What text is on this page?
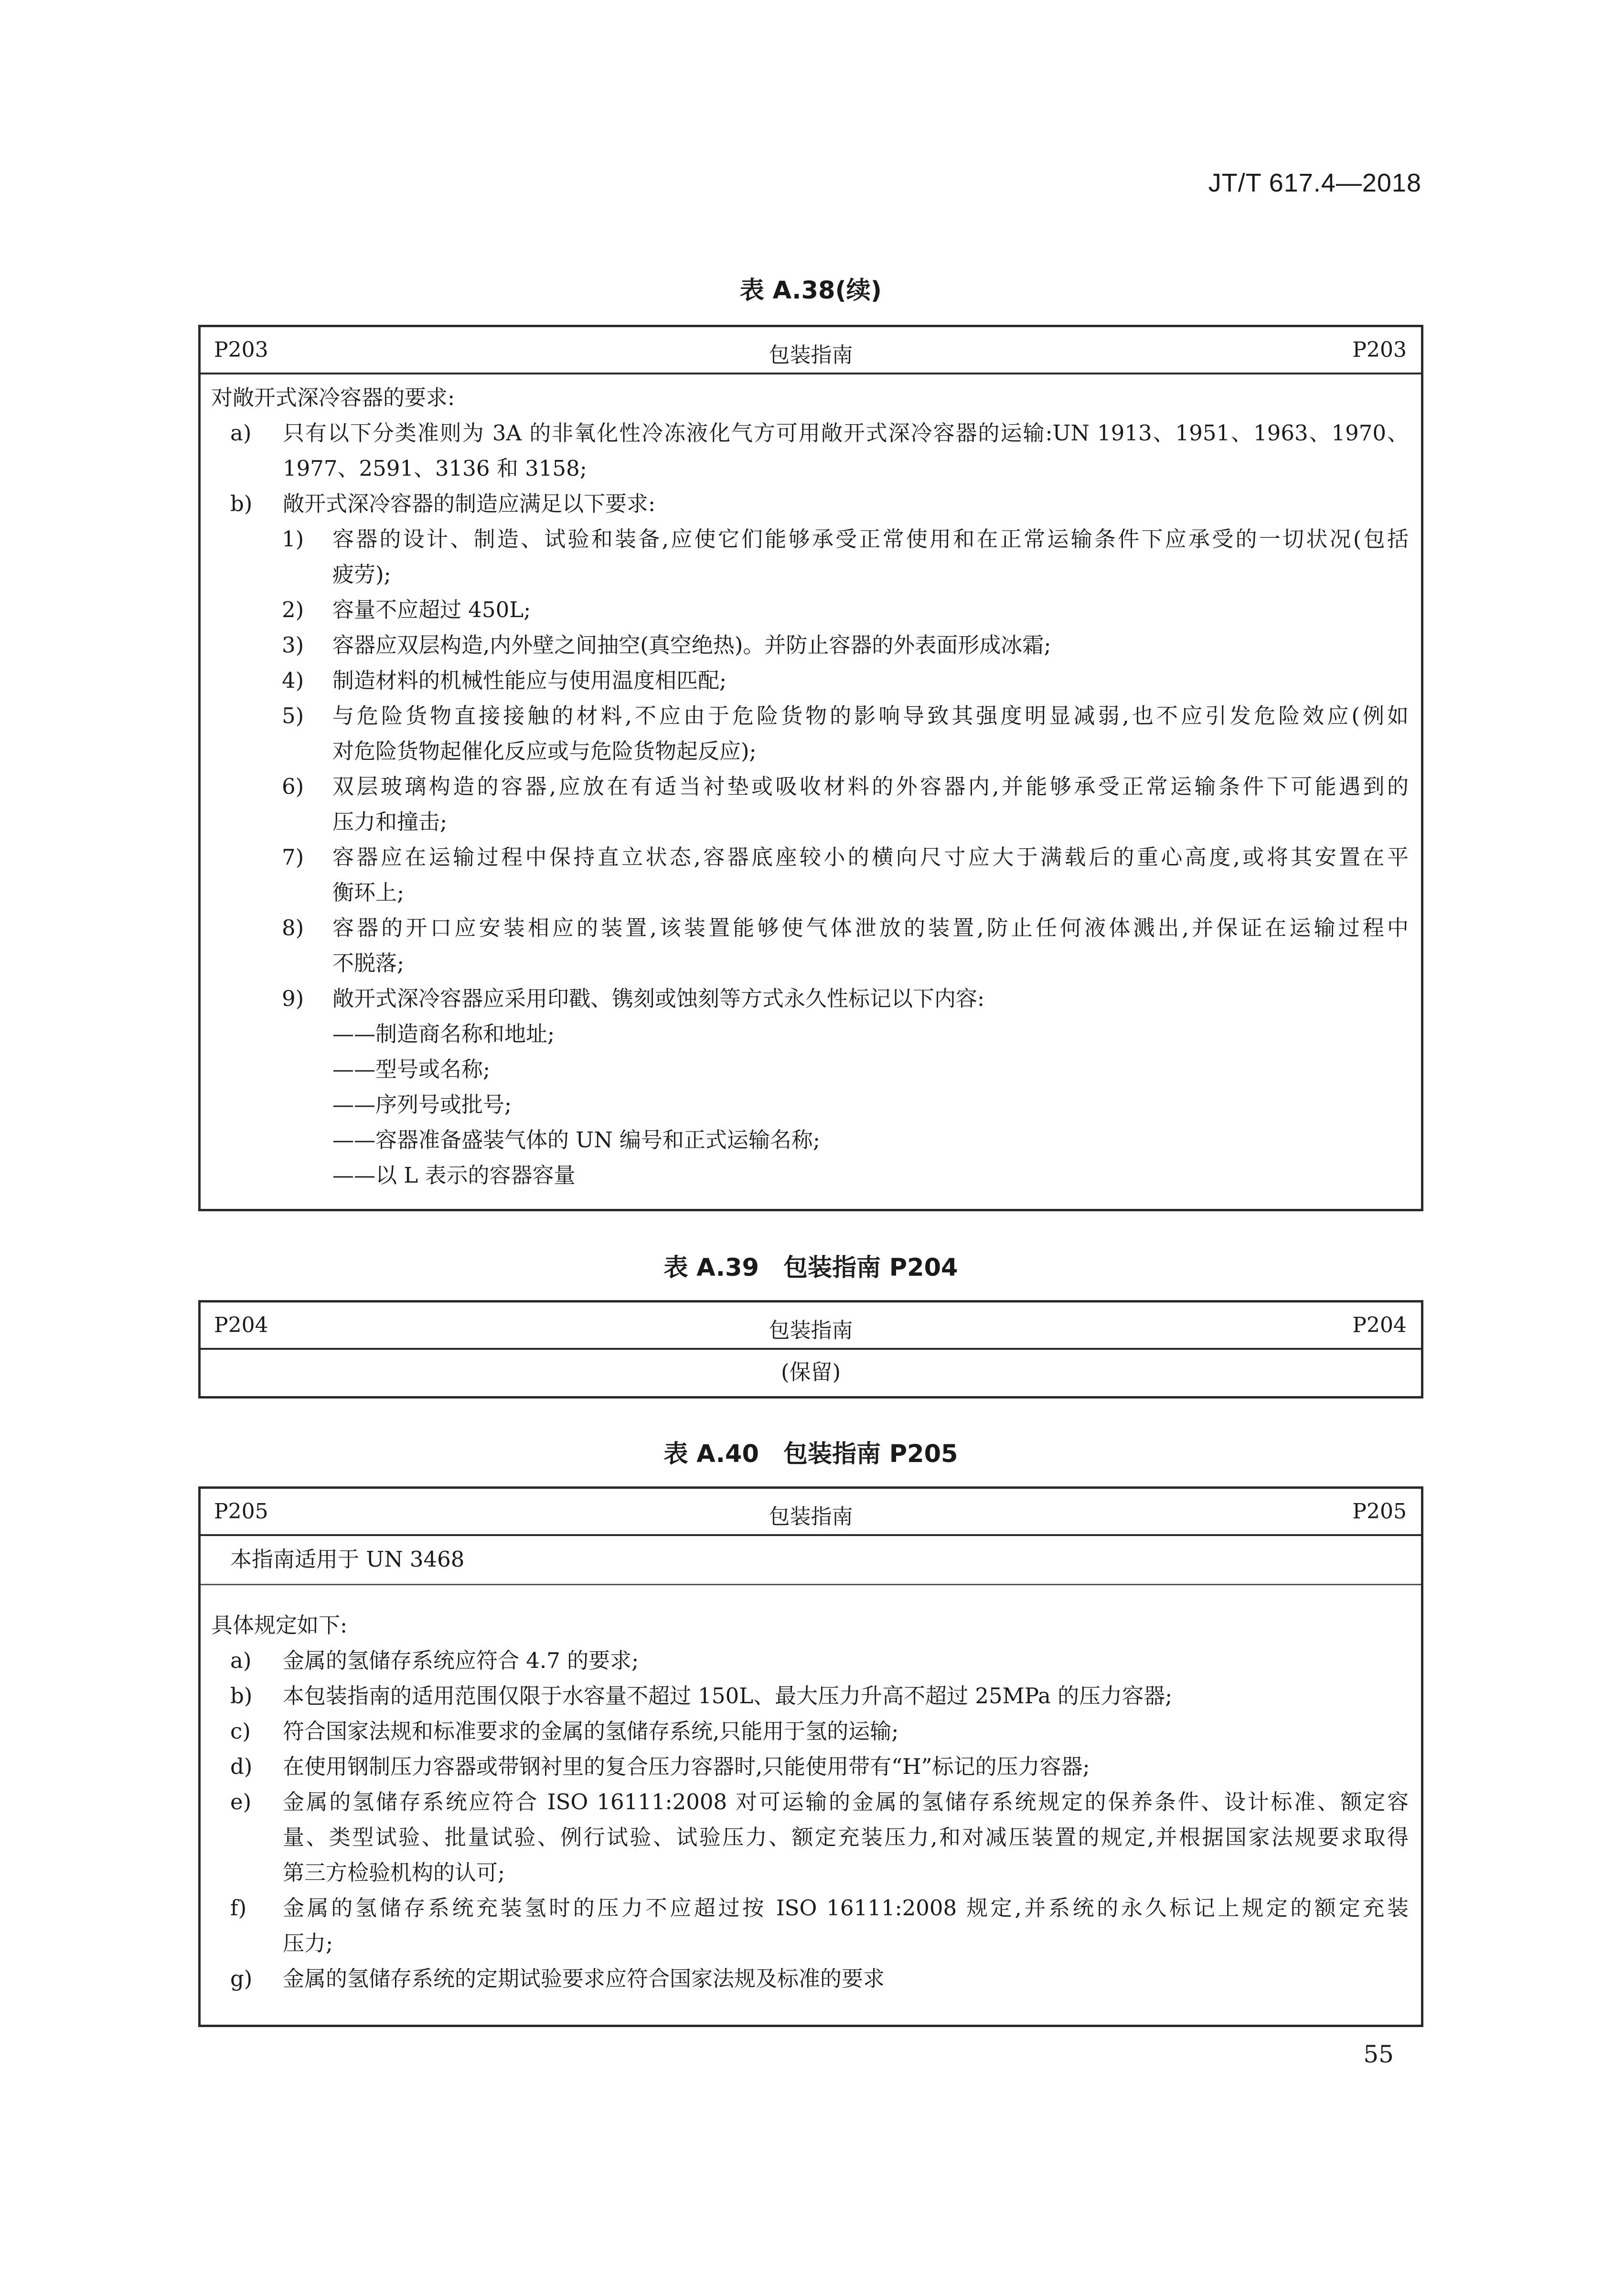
JT/T 617.4—2018
表 A.38(续)
P203	包装指南	P203
对敞开式深冷容器的要求:
a) 只有以下分类准则为 3A 的非氧化性冷冻液化气方可用敞开式深冷容器的运输:UN 1913、1951、1963、1970、
1977、2591、3136 和 3158;
b) 敞开式深冷容器的制造应满足以下要求:
1) 容器的设计、制造、试验和装备,应使它们能够承受正常使用和在正常运输条件下应承受的一切状况(包括
疲劳);
2) 容量不应超过 450L;
3) 容器应双层构造,内外壁之间抽空(真空绝热)。并防止容器的外表面形成冰霜;
4) 制造材料的机械性能应与使用温度相匹配;
5) 与危险货物直接接触的材料,不应由于危险货物的影响导致其强度明显减弱,也不应引发危险效应(例如
对危险货物起催化反应或与危险货物起反应);
6) 双层玻璃构造的容器,应放在有适当衬垫或吸收材料的外容器内,并能够承受正常运输条件下可能遇到的
压力和撞击;
7) 容器应在运输过程中保持直立状态,容器底座较小的横向尺寸应大于满载后的重心高度,或将其安置在平
衡环上;
8) 容器的开口应安装相应的装置,该装置能够使气体泄放的装置,防止任何液体溅出,并保证在运输过程中
不脱落;
9) 敞开式深冷容器应采用印戳、镌刻或蚀刻等方式永久性标记以下内容:
——制造商名称和地址;
——型号或名称;
——序列号或批号;
——容器准备盛装气体的 UN 编号和正式运输名称;
——以 L 表示的容器容量
表 A.39　包装指南 P204
P204	包装指南	P204
(保留)
表 A.40　包装指南 P205
P205	包装指南	P205
本指南适用于 UN 3468
具体规定如下:
a) 金属的氢储存系统应符合 4.7 的要求;
b) 本包装指南的适用范围仅限于水容量不超过 150L、最大压力升高不超过 25MPa 的压力容器;
c) 符合国家法规和标准要求的金属的氢储存系统,只能用于氢的运输;
d) 在使用钢制压力容器或带钢衬里的复合压力容器时,只能使用带有“H”标记的压力容器;
e) 金属的氢储存系统应符合 ISO 16111:2008 对可运输的金属的氢储存系统规定的保养条件、设计标准、额定容
量、类型试验、批量试验、例行试验、试验压力、额定充装压力,和对减压装置的规定,并根据国家法规要求取得
第三方检验机构的认可;
f) 金属的氢储存系统充装氢时的压力不应超过按 ISO 16111:2008 规定,并系统的永久标记上规定的额定充装
压力;
g) 金属的氢储存系统的定期试验要求应符合国家法规及标准的要求
55
